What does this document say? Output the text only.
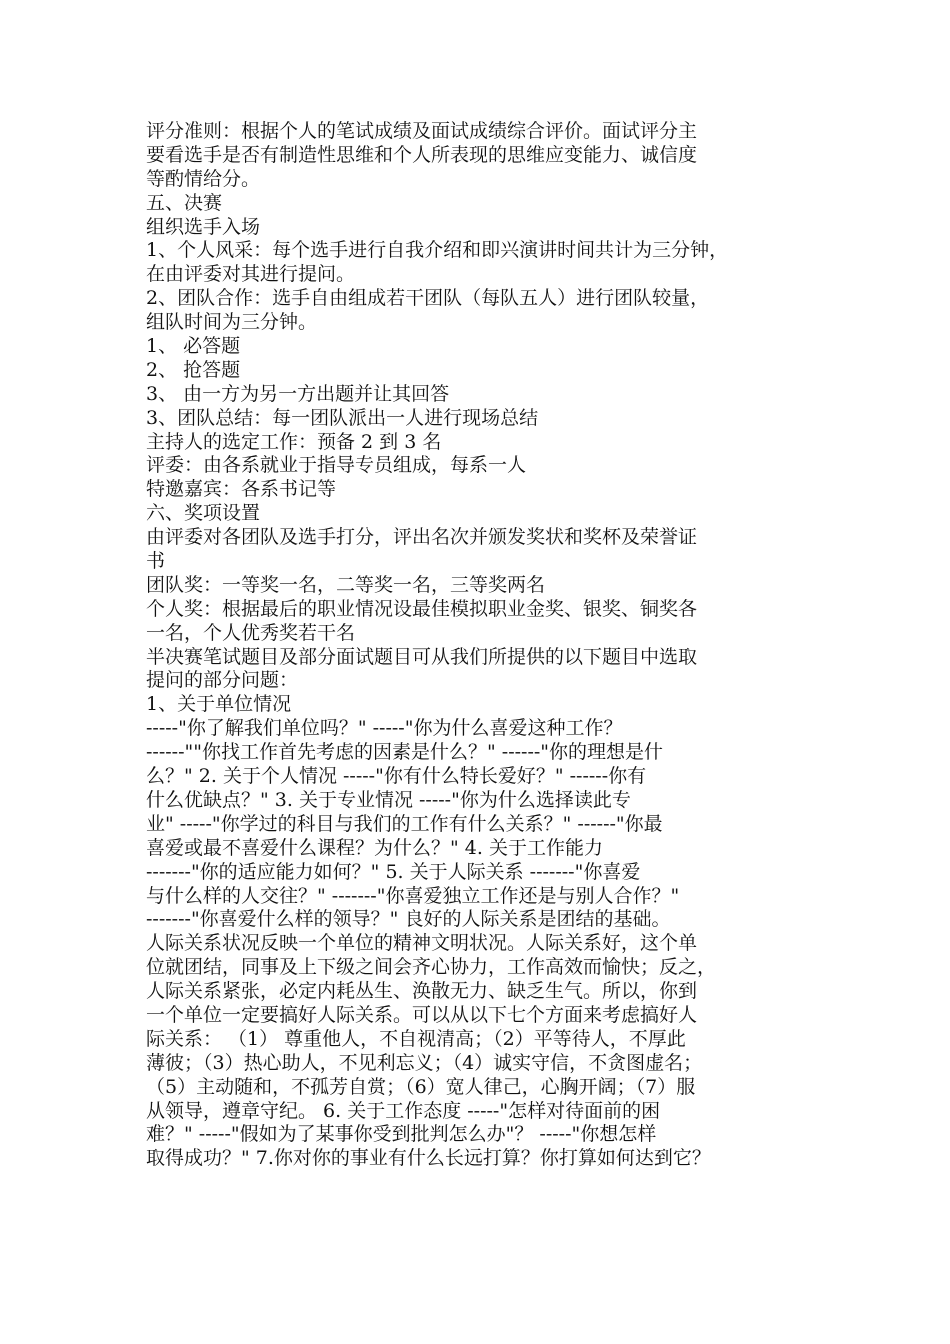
评分准则：根据个人的笔试成绩及面试成绩综合评价。面试评分主
要看选手是否有制造性思维和个人所表现的思维应变能力、诚信度
等酌情给分。
五、决赛
组织选手入场
1、个人风采：每个选手进行自我介绍和即兴演讲时间共计为三分钟，
在由评委对其进行提问。
2、团队合作：选手自由组成若干团队（每队五人）进行团队较量，
组队时间为三分钟。
1、 必答题
2、 抢答题
3、 由一方为另一方出题并让其回答
3、团队总结：每一团队派出一人进行现场总结
主持人的选定工作：预备 2 到 3 名
评委：由各系就业于指导专员组成，每系一人
特邀嘉宾：各系书记等
六、奖项设置
由评委对各团队及选手打分，评出名次并颁发奖状和奖杯及荣誉证
书
团队奖：一等奖一名，二等奖一名，三等奖两名
个人奖：根据最后的职业情况设最佳模拟职业金奖、银奖、铜奖各
一名，个人优秀奖若干名
半决赛笔试题目及部分面试题目可从我们所提供的以下题目中选取
提问的部分问题：
1、关于单位情况
-----"你了解我们单位吗？" -----"你为什么喜爱这种工作？
------""你找工作首先考虑的因素是什么？" ------"你的理想是什
么？" 2. 关于个人情况 -----"你有什么特长爱好？" ------你有
什么优缺点？" 3. 关于专业情况 -----"你为什么选择读此专
业" -----"你学过的科目与我们的工作有什么关系？" ------"你最
喜爱或最不喜爱什么课程？为什么？" 4. 关于工作能力
-------"你的适应能力如何？" 5. 关于人际关系 -------"你喜爱
与什么样的人交往？" -------"你喜爱独立工作还是与别人合作？"
-------"你喜爱什么样的领导？" 良好的人际关系是团结的基础。
人际关系状况反映一个单位的精神文明状况。人际关系好，这个单
位就团结，同事及上下级之间会齐心协力，工作高效而愉快；反之，
人际关系紧张，必定内耗丛生、涣散无力、缺乏生气。所以，你到
一个单位一定要搞好人际关系。可以从以下七个方面来考虑搞好人
际关系： （1） 尊重他人，不自视清高；（2）平等待人，不厚此
薄彼；（3）热心助人，不见利忘义；（4）诚实守信，不贪图虚名；
（5）主动随和，不孤芳自赏；（6）宽人律己，心胸开阔；（7）服
从领导，遵章守纪。 6. 关于工作态度 -----"怎样对待面前的困
难？" -----"假如为了某事你受到批判怎么办"？ -----"你想怎样
取得成功？" 7.你对你的事业有什么长远打算？你打算如何达到它？
